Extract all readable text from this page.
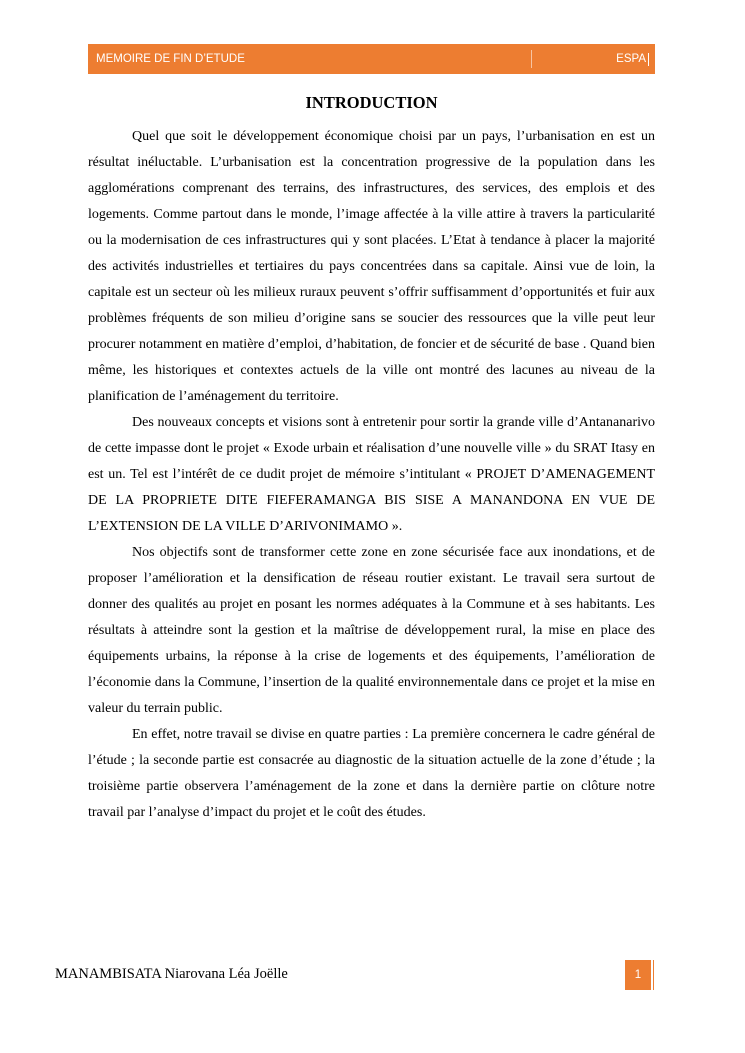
MEMOIRE DE FIN D’ETUDE	ESPA
INTRODUCTION

Quel que soit le développement économique choisi par un pays, l’urbanisation en est un résultat inéluctable. L’urbanisation est la concentration progressive de la population dans les agglomérations comprenant des terrains, des infrastructures, des services, des emplois et des logements. Comme partout dans le monde, l’image affectée à la ville attire à travers la particularité ou la modernisation de ces infrastructures qui y sont placées. L’Etat à tendance à placer la majorité des activités industrielles et tertiaires du pays concentrées dans sa capitale. Ainsi vue de loin, la capitale est un secteur où les milieux ruraux peuvent s’offrir suffisamment d’opportunités et fuir aux problèmes fréquents de son milieu d’origine sans se soucier des ressources que la ville peut leur procurer notamment en matière d’emploi, d’habitation, de foncier et de sécurité de base . Quand bien même, les historiques et contextes actuels de la ville ont montré des lacunes au niveau de la planification de l’aménagement du territoire.

Des nouveaux concepts et visions sont à entretenir pour sortir la grande ville d’Antananarivo de cette impasse dont le projet « Exode urbain et réalisation d’une nouvelle ville » du SRAT Itasy en est un. Tel est l’intérêt de ce dudit projet de mémoire s’intitulant « PROJET D’AMENAGEMENT DE LA PROPRIETE DITE FIEFERAMANGA BIS SISE A MANANDONA EN VUE DE L’EXTENSION DE LA VILLE D’ARIVONIMAMO ».

Nos objectifs sont de transformer cette zone en zone sécurisée face aux inondations, et de proposer l’amélioration et la densification de réseau routier existant. Le travail sera surtout de donner des qualités au projet en posant les normes adéquates à la Commune et à ses habitants. Les résultats à atteindre sont la gestion et la maîtrise de développement rural, la mise en place des équipements urbains, la réponse à la crise de logements et des équipements, l’amélioration de l’économie dans la Commune, l’insertion de la qualité environnementale dans ce projet et la mise en valeur du terrain public.

En effet, notre travail se divise en quatre parties : La première concernera le cadre général de l’étude ; la seconde partie est consacrée au diagnostic de la situation actuelle de la zone d’étude ; la troisième partie observera l’aménagement de la zone et dans la dernière partie on clôture notre travail par l’analyse d’impact du projet et le coût des études.

MANAMBISATA Niarovana Léa Joëlle	1
